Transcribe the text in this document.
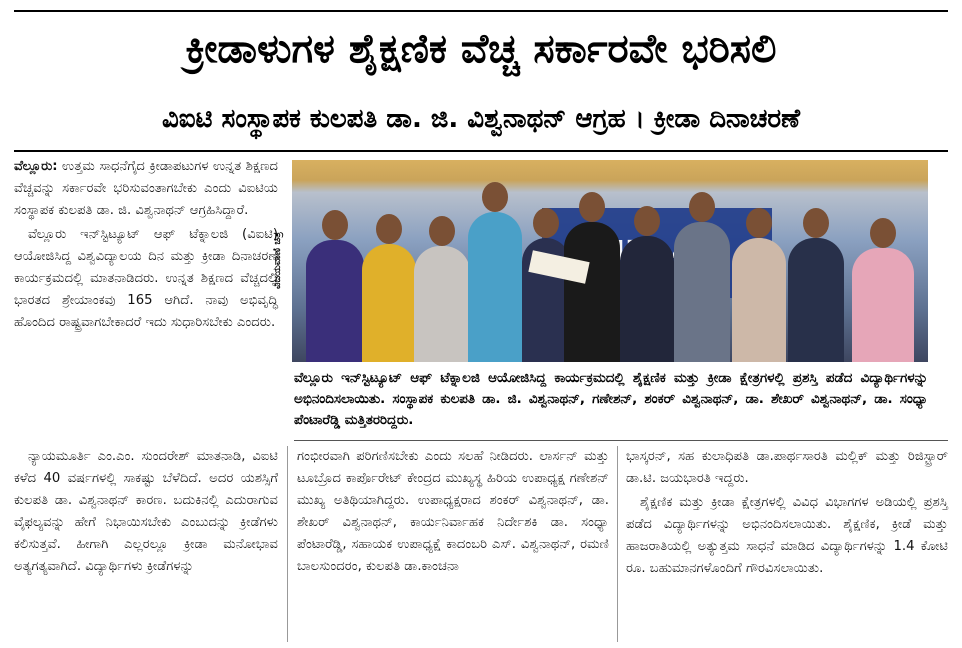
ಕ್ರೀಡಾಳುಗಳ ಶೈಕ್ಷಣಿಕ ವೆಚ್ಚ ಸರ್ಕಾರವೇ ಭರಿಸಲಿ
ವಿಐಟಿ ಸಂಸ್ಥಾಪಕ ಕುಲಪತಿ ಡಾ. ಜಿ. ವಿಶ್ವನಾಥನ್ ಆಗ್ರಹ । ಕ್ರೀಡಾ ದಿನಾಚರಣೆ

ವೆಲ್ಲೂರು: ಉತ್ತಮ ಸಾಧನೆಗೈದ ಕ್ರೀಡಾಪಟುಗಳ ಉನ್ನತ ಶಿಕ್ಷಣದ ವೆಚ್ಚವನ್ನು ಸರ್ಕಾರವೇ ಭರಿಸುವಂತಾಗಬೇಕು ಎಂದು ವಿಐಟಿಯ ಸಂಸ್ಥಾಪಕ ಕುಲಪತಿ ಡಾ. ಜಿ. ವಿಶ್ವನಾಥನ್ ಆಗ್ರಹಿಸಿದ್ದಾರೆ.

ವೆಲ್ಲೂರು ಇನ್‌ಸ್ಟಿಟ್ಯೂಟ್ ಆಫ್ ಟೆಕ್ನಾಲಜಿ (ವಿಐಟಿ) ಆಯೋಜಿಸಿದ್ದ ವಿಶ್ವವಿದ್ಯಾಲಯ ದಿನ ಮತ್ತು ಕ್ರೀಡಾ ದಿನಾಚರಣೆ ಕಾರ್ಯಕ್ರಮದಲ್ಲಿ ಮಾತನಾಡಿದರು. ಉನ್ನತ ಶಿಕ್ಷಣದ ವೆಚ್ಚದಲ್ಲಿ ಭಾರತದ ಶ್ರೇಯಾಂಕವು 165 ಆಗಿದೆ. ನಾವು ಅಭಿವೃದ್ಧಿ ಹೊಂದಿದ ರಾಷ್ಟ್ರವಾಗಬೇಕಾದರೆ ಇದು ಸುಧಾರಿಸಬೇಕು ಎಂದರು.

ವಿಜಯವಾಣಿ ಚಿತ್ರ
ವೆಲ್ಲೂರು ಇನ್‌ಸ್ಟಿಟ್ಯೂಟ್ ಆಫ್ ಟೆಕ್ನಾಲಜಿ ಆಯೋಜಿಸಿದ್ದ ಕಾರ್ಯಕ್ರಮದಲ್ಲಿ ಶೈಕ್ಷಣಿಕ ಮತ್ತು ಕ್ರೀಡಾ ಕ್ಷೇತ್ರಗಳಲ್ಲಿ ಪ್ರಶಸ್ತಿ ಪಡೆದ ವಿದ್ಯಾರ್ಥಿಗಳನ್ನು ಅಭಿನಂದಿಸಲಾಯಿತು. ಸಂಸ್ಥಾಪಕ ಕುಲಪತಿ ಡಾ. ಜಿ. ವಿಶ್ವನಾಥನ್, ಗಣೇಶನ್, ಶಂಕರ್ ವಿಶ್ವನಾಥನ್, ಡಾ. ಶೇಖರ್ ವಿಶ್ವನಾಥನ್, ಡಾ. ಸಂಧ್ಯಾ ಪೆಂಟಾರೆಡ್ಡಿ ಮತ್ತಿತರರಿದ್ದರು.

ನ್ಯಾಯಮೂರ್ತಿ ಎಂ.ಎಂ. ಸುಂದರೇಶ್ ಮಾತನಾಡಿ, ವಿಐಟಿ ಕಳೆದ 40 ವರ್ಷಗಳಲ್ಲಿ ಸಾಕಷ್ಟು ಬೆಳೆದಿದೆ. ಅದರ ಯಶಸ್ಸಿಗೆ ಕುಲಪತಿ ಡಾ. ವಿಶ್ವನಾಥನ್ ಕಾರಣ. ಬದುಕಿನಲ್ಲಿ ಎದುರಾಗುವ ವೈಫಲ್ಯವನ್ನು ಹೇಗೆ ನಿಭಾಯಿಸಬೇಕು ಎಂಬುದನ್ನು ಕ್ರೀಡೆಗಳು ಕಲಿಸುತ್ತವೆ. ಹೀಗಾಗಿ ಎಲ್ಲರಲ್ಲೂ ಕ್ರೀಡಾ ಮನೋಭಾವ ಅತ್ಯಗತ್ಯವಾಗಿದೆ. ವಿದ್ಯಾರ್ಥಿಗಳು ಕ್ರೀಡೆಗಳನ್ನು

ಗಂಭೀರವಾಗಿ ಪರಿಗಣಿಸಬೇಕು ಎಂದು ಸಲಹೆ ನೀಡಿದರು. ಲಾರ್ಸನ್ ಮತ್ತು ಟೂಬ್ರೊದ ಕಾರ್ಪೊರೇಟ್ ಕೇಂದ್ರದ ಮುಖ್ಯಸ್ಥ ಹಿರಿಯ ಉಪಾಧ್ಯಕ್ಷ ಗಣೇಶನ್ ಮುಖ್ಯ ಅತಿಥಿಯಾಗಿದ್ದರು. ಉಪಾಧ್ಯಕ್ಷರಾದ ಶಂಕರ್ ವಿಶ್ವನಾಥನ್, ಡಾ. ಶೇಖರ್ ವಿಶ್ವನಾಥನ್, ಕಾರ್ಯನಿರ್ವಾಹಕ ನಿರ್ದೇಶಕಿ ಡಾ. ಸಂಧ್ಯಾ ಪೆಂಟಾರೆಡ್ಡಿ, ಸಹಾಯಕ ಉಪಾಧ್ಯಕ್ಷೆ ಕಾದಂಬರಿ ಎಸ್. ವಿಶ್ವನಾಥನ್, ರಮಣಿ ಬಾಲಸುಂದರಂ, ಕುಲಪತಿ ಡಾ.ಕಾಂಚನಾ

ಭಾಸ್ಕರನ್, ಸಹ ಕುಲಾಧಿಪತಿ ಡಾ.ಪಾರ್ಥಸಾರತಿ ಮಲ್ಲಿಕ್ ಮತ್ತು ರಿಜಿಸ್ಟ್ರಾರ್ ಡಾ.ಟಿ. ಜಯಭಾರತಿ ಇದ್ದರು.

ಶೈಕ್ಷಣಿಕ ಮತ್ತು ಕ್ರೀಡಾ ಕ್ಷೇತ್ರಗಳಲ್ಲಿ ವಿವಿಧ ವಿಭಾಗಗಳ ಅಡಿಯಲ್ಲಿ ಪ್ರಶಸ್ತಿ ಪಡೆದ ವಿದ್ಯಾರ್ಥಿಗಳನ್ನು ಅಭಿನಂದಿಸಲಾಯಿತು. ಶೈಕ್ಷಣಿಕ, ಕ್ರೀಡೆ ಮತ್ತು ಹಾಜರಾತಿಯಲ್ಲಿ ಅತ್ಯುತ್ತಮ ಸಾಧನೆ ಮಾಡಿದ ವಿದ್ಯಾರ್ಥಿಗಳನ್ನು 1.4 ಕೋಟಿ ರೂ. ಬಹುಮಾನಗಳೊಂದಿಗೆ ಗೌರವಿಸಲಾಯಿತು.
